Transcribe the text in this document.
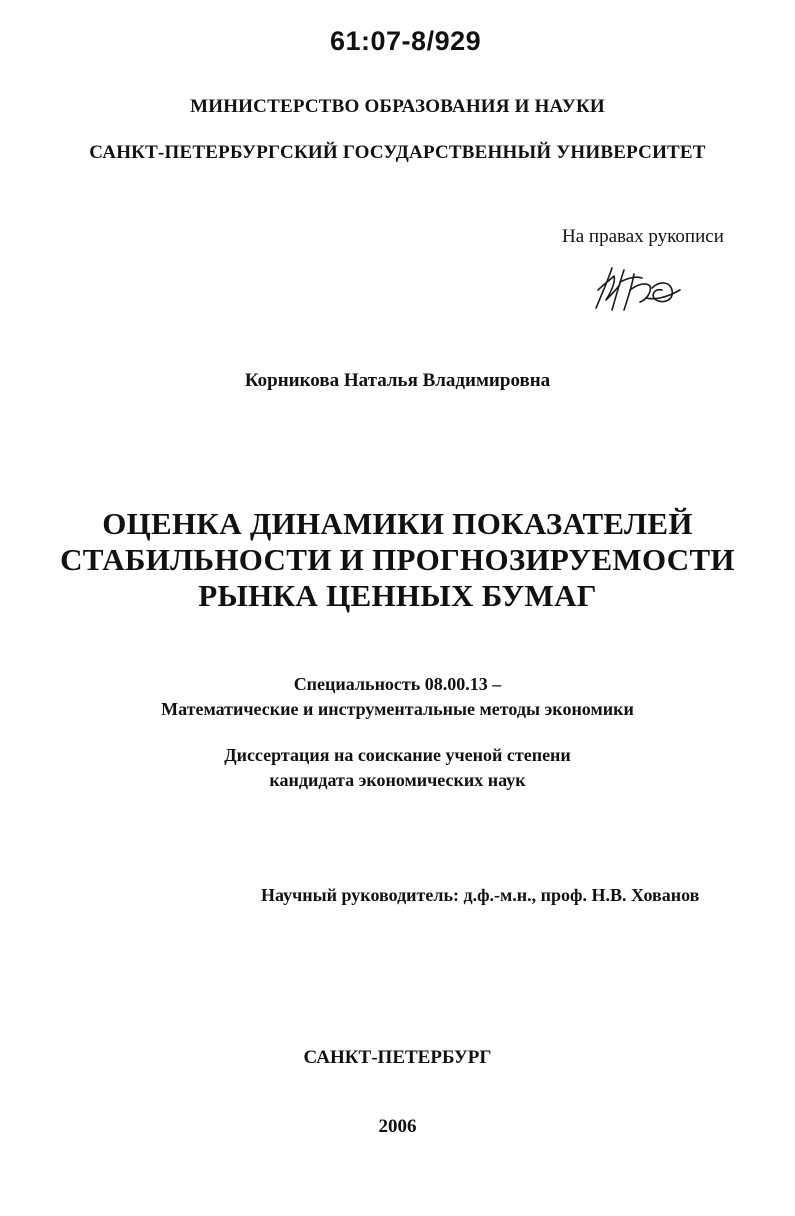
61:07-8/929
МИНИСТЕРСТВО ОБРАЗОВАНИЯ И НАУКИ
САНКТ-ПЕТЕРБУРГСКИЙ ГОСУДАРСТВЕННЫЙ УНИВЕРСИТЕТ
На правах рукописи
Корникова Наталья Владимировна
ОЦЕНКА ДИНАМИКИ ПОКАЗАТЕЛЕЙ
СТАБИЛЬНОСТИ И ПРОГНОЗИРУЕМОСТИ
РЫНКА ЦЕННЫХ БУМАГ
Специальность 08.00.13 –
Математические и инструментальные методы экономики
Диссертация на соискание ученой степени
кандидата экономических наук
Научный руководитель: д.ф.-м.н., проф. Н.В. Хованов
САНКТ-ПЕТЕРБУРГ
2006
